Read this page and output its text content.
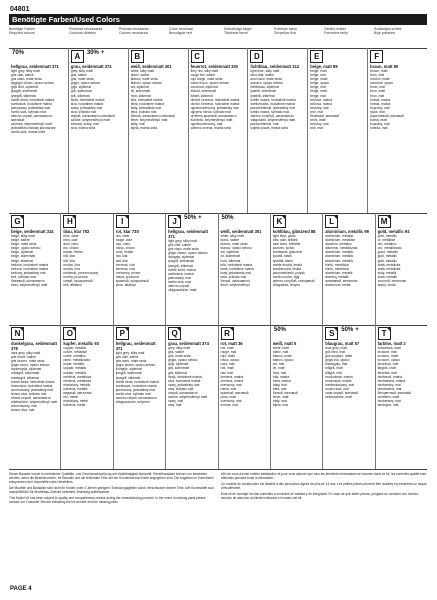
04801
Benötigte Farben/Used Colors
Benötigte Farben
Required colours
Peintures nécessaires
Couleurs utilisées
Pinturas necesarias
Colores necesarios
Colori necessari
Benodigde verf
Nödvändiga färger
Tilvirkede farver
Potřebné barvy
Потребни бои
Gerekli renkler
Potrzebne farby
Szükséges színek
Boje potrebne
70%
hellgrau, seidenmatt 371
light grey, silky matt
gris clair, satiné
gris claro, mate seda
àpgrigio chiaro, opaco setoso
grijs licht, zijdemat
ljusgrå, sidenmatt
lysegrå, silkemat
světle šedá, hedvábně matná
svetlosivá, hodvábne matná
jasnoszary, jedwabisty mat
svetlo siva, svilnato mat
светло-серый, шелковисто-матовый
szürkés, selymesfényű matt
jedwabisto matowy jasnoszary
svetlo sivá, matná svila
A	30% +
grau, seidenmatt 374
grey, silky matt
gris, satiné
gris, mate seda
grigio, opaco setoso
grijs, zijdemat
grå, sidenmatt
grå, silkemat
šedá, hedvábně matná
sivá, hodvábne matná
szary, jedwabisty mat
siva, svilnato mat
серый, шелковисто-матовый
szürke, selymesfényű matt
béżowy, szary, mat
siva, matna svila
B
weiß, seidenmatt 301
white, silky matt
blanc, satiné
blanco, mate seda
bianco, opaco setoso
wit, zijdemat
vit, sidenmatt
hvid, silkemat
bílá, hedvábně matná
biela, hodvábne matná
biały, jedwabisty mat
bela, svilnato mat
белый, шелковисто-матовый
fehér, selymesfényű matt
biały, mat
bijela, matna svila
C
feuerrot, seidenmatt 330
fiery red, silky matt
rouge feu, satiné
rojo fuego, mate seda
rosso fuoco, opaco setoso
vuurrood, zijdemat
eldröd, sidenmatt
ildrød, silkemat
ohnivě červená, hedvábně matná
ohnivo červená, hodvábne matná
ognistoczerwony, jedwabisty mat
ognjeno rdeča, svilnato mat
огненно-красный, шелковисто
tűzvörös, selymesfényű matt
ognistoczerwony, mat
vatreno crvena, matna svila
D
lichtblau, seidenmatt 312
light blue, silky matt
bleu clair, satiné
azul claro, mate seda
azzurro, opaco setoso
lichtblauw, zijdemat
ljusblå, sidenmatt
lyseblå, silkemat
světle modrá, hedvábně matná
svetlomodrá, hodvábne matná
jasnoniebieski, jedwabisty mat
svetlo modra, svilnato mat
светло-голубой, шелковисто
világoskék, selymesfényű matt
jasnoniebieski, mat
svijetlo plava, matna svila
E
beige, matt 89
beige, matt
beige, mat
beige, mate
beige, opaco
beige, mat
beige, matt
beige, mat
béžová, matná
béžová, matná
beżowy, mat
bež, mat
бежевый, матовый
bézs, matt
beżowy, mat
bež, mat
F
braun, matt 80
brown, matt
brun, mat
marrón, mate
marrone, opaco
bruin, mat
brun, matt
brun, mat
hnědá, matná
hnedá, matná
brązowy, mat
rjava, mat
коричневый, матовый
barna, matt
brązowy, mat
smeđa, mat
G
beige, seidenmatt 314
beige, silky matt
beige, satiné
beige, mate seda
beige, opaco setoso
beige, zijdemat
beige, sidenmatt
beige, silkemat
béžová, hedvábně matná
béžová, hodvábne matná
beżowy, jedwabisty mat
bež, svilnato mat
бежевый, шелковисто
bézs, selymesfényű matt
H
blau, klar 752
blue, clear
bleu, clair
azul, claro
blu, chiaro
blauw, helder
blå, klar
blå, klar
modrá, čirá
modrá, číra
niebieski, przezroczysty
modra, prozorna
синий, прозрачный
kék, átlátszó
I
rot, klar 730
red, clear
rouge, clair
rojo, claro
rosso, chiaro
rood, helder
röd, klar
rød, klar
červená, čirá
červená, číra
czerwony, przezr.
rdeča, prozorna
красный, прозрачный
piros, átlátszó
J	50% +
hellgrau, seidenmatt 371
light grey, silky matt
gris clair, satiné
gris claro, mate seda
grigio chiaro, opaco setoso
lichtgrijs, zijdemat
ljusgrå, sidenmatt
lysegrå, silkemat
světle šedá, matná
svetlosivá, matná
jasnoszary, mat
svetlo siva, mat
светло-серый
világosszürke, matt
50%
weiß, seidenmatt 301
white, silky matt
blanc, satiné
blanco, mate seda
bianco, opaco setoso
wit, zijdemat
vit, sidenmatt
hvid, silkemat
bílá, hedvábně matná
biela, hodvábne matná
biały, jedwabisty mat
bela, svilnato mat
белый, шелковисто
fehér, selymesfényű
K
kohlblau, glänzend 88
light blue, gloss
bleu clair, brillant
azul claro, brillante
azzurro, lucido
lichtblauw, glanzend
ljusblå, blank
lyseblå, blank
světle modrá, lesklá
svetlomodrá, lesklá
jasnoniebieski, połysk
svetlo modra, sijaj
светло-голубой, глянцевый
világoskék, fényes
L
aluminium, metallic 99
aluminium, metallic
aluminium, métallisé
aluminio, metálico
alluminio, metallizzato
aluminium, metallic
aluminium, metallic
aluminium, metallic
hliník, metalická
hliník, metalická
aluminium, metalik
aluminij, metalik
алюминий, металлик
alumínium, metál
M
gold, metallic 94
gold, metallic
or, métallisé
oro, metálico
oro, metallizzato
goud, metallic
guld, metallic
guld, metallic
zlatá, metalická
zlatá, metalická
złoty, metalik
zlata, metalik
золотой, металлик
arany, metál
N
dunkelgrau, seidenmatt 378
dark grey, silky matt
gris foncé, satiné
gris oscuro, mate seda
grigio scuro, opaco setoso
donkergrijs, zijdemat
mörkgrå, sidenmatt
mørkegrå, silkemat
tmavě šedá, hedvábně matná
tmavosivá, hodvábne matná
ciemnoszary, jedwabisty mat
temno siva, svilnato mat
тёмно-серый, шелковисто
sötétszürke, selymesfényű matt
ciemnoszary, mat
tamno siva, mat
O
kupfer, metallic 93
copper, metallic
cuivre, métallisé
cobre, metálico
rame, metallizzato
koper, metallic
koppar, metallic
kobber, metallic
měděná, metalická
medená, metalická
miedziany, metalik
bakrena, metalik
медный, металлик
réz, metál
miedziany, metal
bakrena, metal
P
hellgrau, seidenmatt 371
light grey, silky matt
gris clair, satiné
gris claro, mate seda
grigio chiaro, opaco setoso
lichtgrijs, zijdemat
ljusgrå, sidenmatt
lysegrå, silkemat
světle šedá, hedvábně matná
svetlosivá, hodvábne matná
jasnoszary, jedwabisty mat
svetlo siva, svilnato mat
светло-серый, шелковисто
világosszürke, selymes
Q
grau, seidenmatt 374
grey, silky matt
gris, satiné
gris, mate seda
grigio, opaco setoso
grijs, zijdemat
grå, sidenmatt
grå, silkemat
šedá, hedvábně matná
sivá, hodvábne matná
szary, jedwabisty mat
siva, svilnato mat
серый, шелковисто
szürke, selymesfényű matt
szary, mat
siva, mat
R
rot, matt 36
red, matt
rouge, mat
rojo, mate
rosso, opaco
rood, mat
röd, matt
rød, mat
červená, matná
červená, matná
czerwony, mat
rdeča, mat
красный, матовый
piros, matt
czerwony, mat
crvena, mat
50%
weiß, matt 5
white, matt
blanc, mat
blanco, mate
bianco, opaco
wit, mat
vit, matt
hvid, mat
bílá, matná
biela, matná
biały, mat
bela, mat
белый, матовый
fehér, matt
biały, mat
bijela, mat
S	50% +
blaugrau, matt 57
blue grey, matt
gris bleu, mat
gris azulado, mate
grigio blu, opaco
blauwgrijs, mat
blågrå, matt
blågrå, mat
modrošedá, matná
modrosivá, matná
niebieskoszary, mat
modro siva, mat
сине-серый, матовый
kékesszürke, matt
T
farblos, matt 2
colourless, matt
incolore, mat
incoloro, mate
incolore, opaco
kleurloos, mat
färglös, matt
farveløs, mat
bezbarvá, matná
bezfarebná, matná
bezbarwny, mat
brezbarvna, mat
бесцветный, матовый
színtelen, matt
bezbarwny, mat
bezbojna, mat

Dieser Bausatz wurde in mehrfacher Qualitäts- und Geschmacksprüfung mit Vollständigkeit überprüft. Revellbausätze können nur bearbeitet werden, wenn die Bestellnummer, Ihr Bausatz und die fehlenden Teile auf der Kundenservice-Karte angegeben sind. Die Angaben im Zubehörteil entsprechen den Vorschriften des Herstellers.

Die Modelle und Bausätze sind nicht für Kinder unter 3 Jahren geeignet, Erstickungsgefahr durch Verschlucken kleiner Teile. Alle Kunststoffe sind ausschließlich für Modellbau-Zwecke bestimmt. Anleitung aufbewahren.

This Model Kit has been subject to quality and completeness checks during the manufacturing process. In the event of missing parts please contact our Customer Service indicating the kit number and the missing parts.

Afin de vous donner entière satisfaction et pour vous assurer que tous les éléments nécessaires se trouvent dans ce kit, les contrôles qualité sont effectués pendant toute la fabrication.

Ce modèle de construction est destiné à des personnes âgées de plus de 14 ans. Les petites pièces peuvent être avalées et présentent un risque d'étouffement.

Este kit de montaje ha sido sometido a controles de calidad y de integridad. En caso de que falten piezas, póngase en contacto con nuestro servicio de atención al cliente indicando el número del kit.

PAGE 4
